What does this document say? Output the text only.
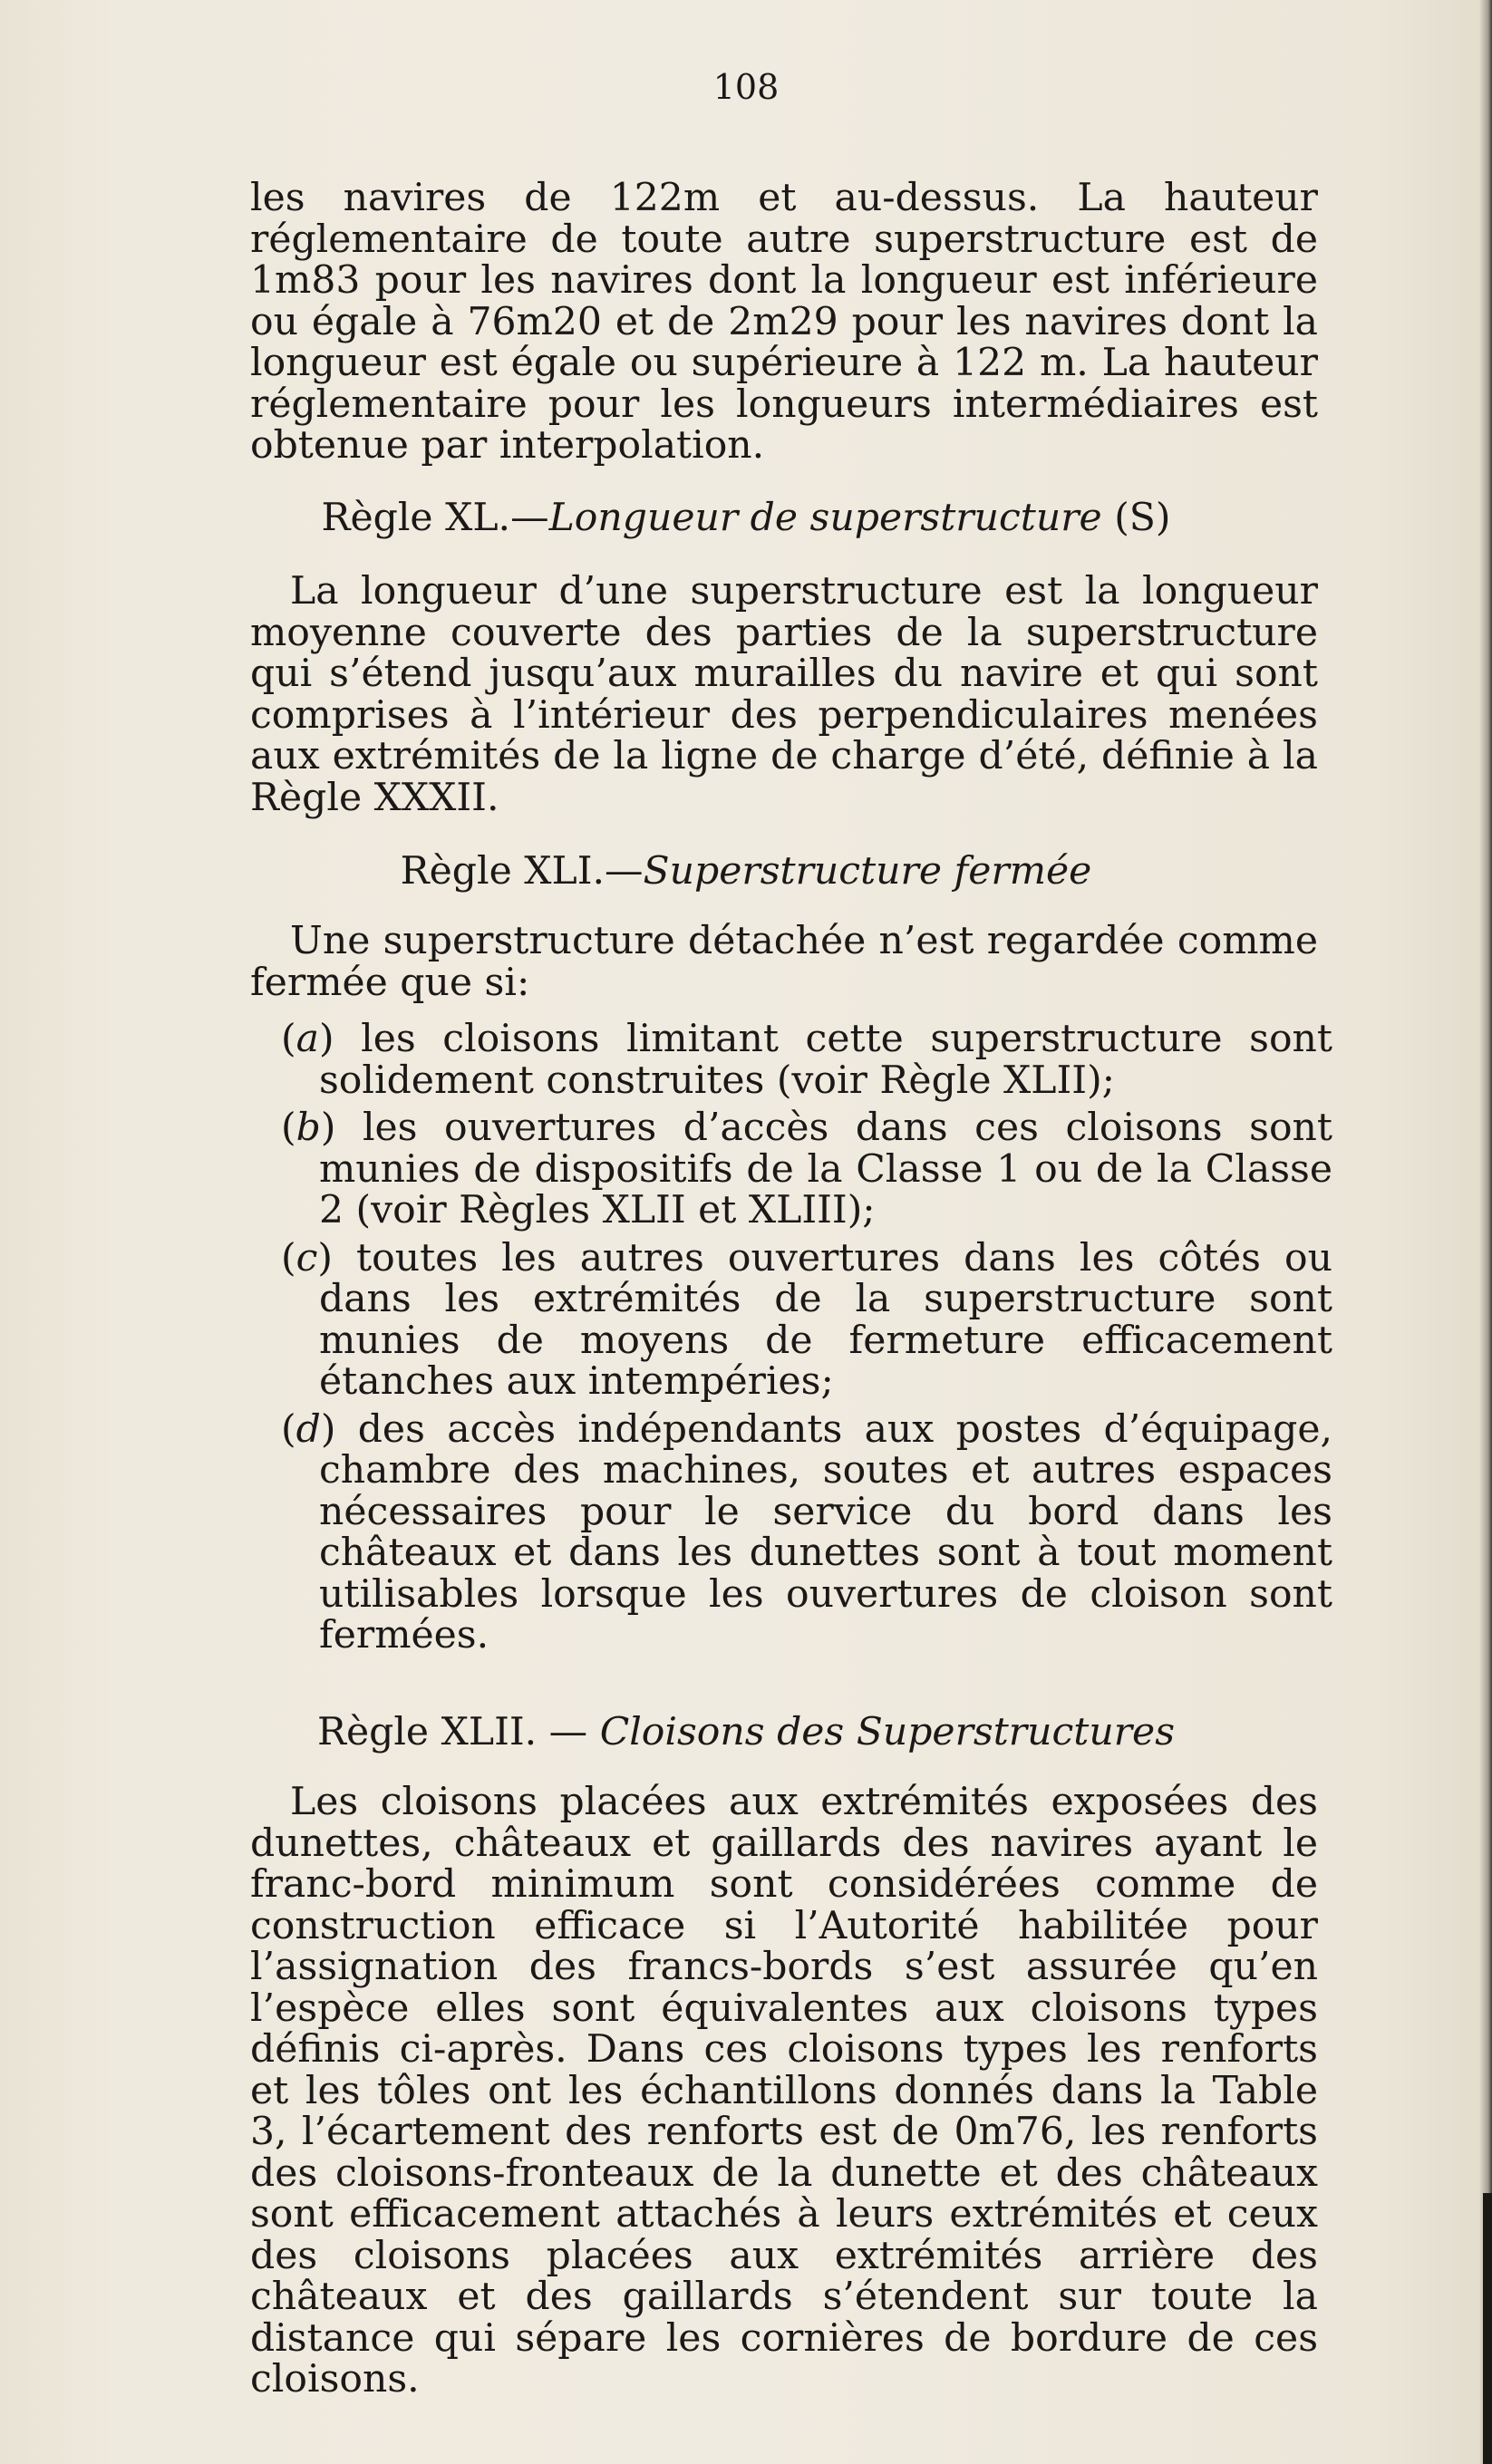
108

les navires de 122m et au-dessus. La hauteur réglementaire de toute autre superstructure est de 1m83 pour les navires dont la longueur est inférieure ou égale à 76m20 et de 2m29 pour les navires dont la longueur est égale ou supérieure à 122 m. La hauteur réglementaire pour les longueurs intermédiaires est obtenue par interpolation.

Règle XL.—Longueur de superstructure (S)

La longueur d’une superstructure est la longueur moyenne couverte des parties de la superstructure qui s’étend jusqu’aux murailles du navire et qui sont comprises à l’intérieur des perpendiculaires menées aux extrémités de la ligne de charge d’été, définie à la Règle XXXII.

Règle XLI.—Superstructure fermée

Une superstructure détachée n’est regardée comme fermée que si:

(a) les cloisons limitant cette superstructure sont solidement construites (voir Règle XLII);
(b) les ouvertures d’accès dans ces cloisons sont munies de dispositifs de la Classe 1 ou de la Classe 2 (voir Règles XLII et XLIII);
(c) toutes les autres ouvertures dans les côtés ou dans les extrémités de la superstructure sont munies de moyens de fermeture efficacement étanches aux intempéries;
(d) des accès indépendants aux postes d’équipage, chambre des machines, soutes et autres espaces nécessaires pour le service du bord dans les châteaux et dans les dunettes sont à tout moment utilisables lorsque les ouvertures de cloison sont fermées.
Règle XLII. — Cloisons des Superstructures

Les cloisons placées aux extrémités exposées des dunettes, châteaux et gaillards des navires ayant le franc-bord minimum sont considérées comme de construction efficace si l’Autorité habilitée pour l’assignation des francs-bords s’est assurée qu’en l’espèce elles sont équivalentes aux cloisons types définis ci-après. Dans ces cloisons types les renforts et les tôles ont les échantillons donnés dans la Table 3, l’écartement des renforts est de 0m76, les renforts des cloisons-fronteaux de la dunette et des châteaux sont efficacement attachés à leurs extrémités et ceux des cloisons placées aux extrémités arrière des châteaux et des gaillards s’étendent sur toute la distance qui sépare les cornières de bordure de ces cloisons.
